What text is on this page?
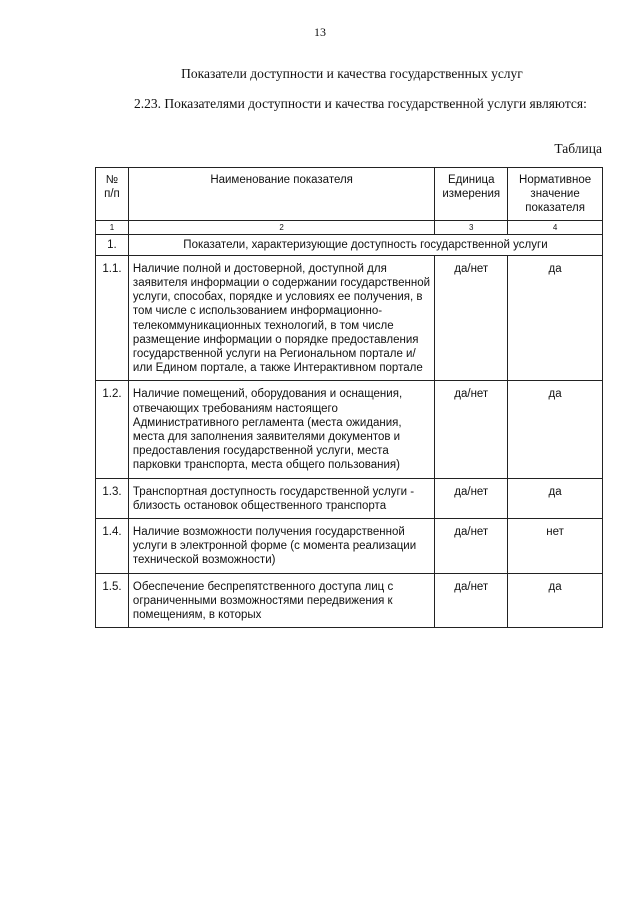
13
Показатели доступности и качества государственных услуг
2.23. Показателями доступности и качества государственной услуги являются:
Таблица
№ п/п	Наименование показателя	Единица измерения	Нормативное значение показателя
1	2	3	4
1.	Показатели, характеризующие доступность государственной услуги		
1.1.	Наличие полной и достоверной, доступной для заявителя информации о содержании государственной услуги, способах, порядке и условиях ее получения, в том числе с использованием информационно-телекоммуникационных технологий, в том числе размещение информации о порядке предоставления государственной услуги на Региональном портале и/или Едином портале, а также Интерактивном портале	да/нет	да
1.2.	Наличие помещений, оборудования и оснащения, отвечающих требованиям настоящего Административного регламента (места ожидания, места для заполнения заявителями документов и предоставления государственной услуги, места парковки транспорта, места общего пользования)	да/нет	да
1.3.	Транспортная доступность государственной услуги - близость остановок общественного транспорта	да/нет	да
1.4.	Наличие возможности получения государственной услуги в электронной форме (с момента реализации технической возможности)	да/нет	нет
1.5.	Обеспечение беспрепятственного доступа лиц с ограниченными возможностями передвижения к помещениям, в которых	да/нет	да
